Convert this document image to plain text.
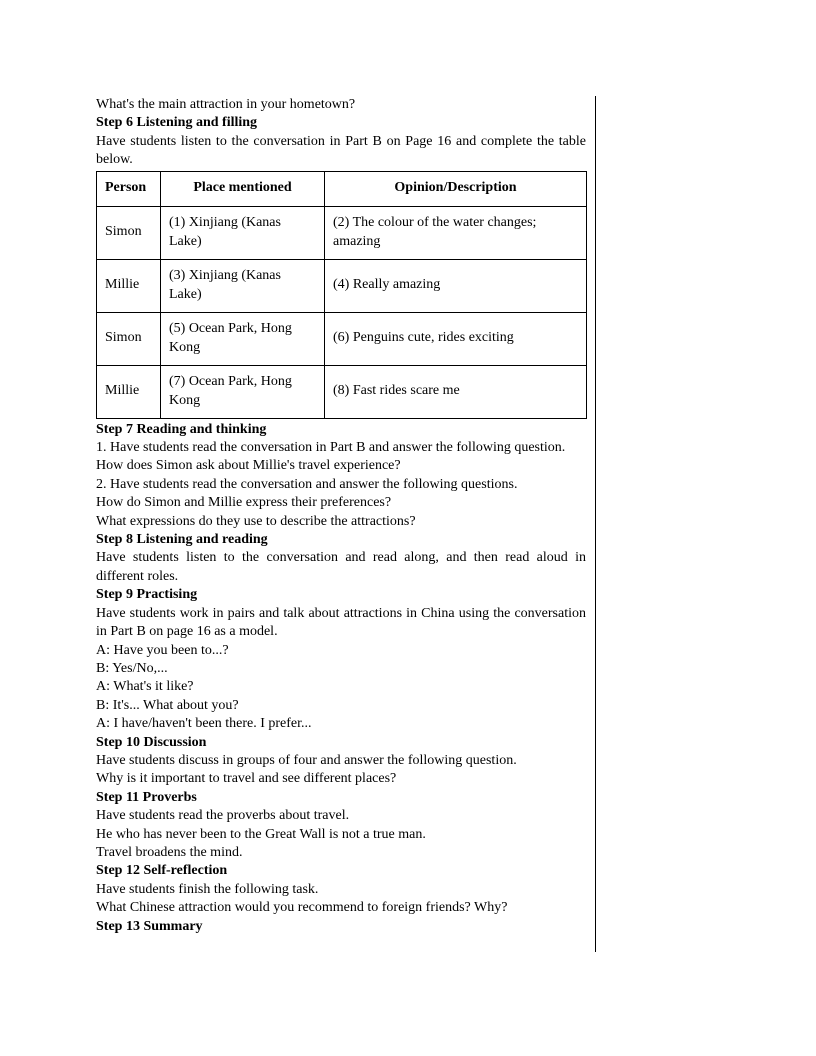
What's the main attraction in your hometown?
Step 6 Listening and filling
Have students listen to the conversation in Part B on Page 16 and complete the table below.
Person	Place mentioned	Opinion/Description
Simon	(1) Xinjiang (Kanas Lake)	(2) The colour of the water changes; amazing
Millie	(3) Xinjiang (Kanas Lake)	(4) Really amazing
Simon	(5) Ocean Park, Hong Kong	(6) Penguins cute, rides exciting
Millie	(7) Ocean Park, Hong Kong	(8) Fast rides scare me
Step 7 Reading and thinking
1. Have students read the conversation in Part B and answer the following question.
How does Simon ask about Millie's travel experience?
2. Have students read the conversation and answer the following questions.
How do Simon and Millie express their preferences?
What expressions do they use to describe the attractions?
Step 8 Listening and reading
Have students listen to the conversation and read along, and then read aloud in different roles.
Step 9 Practising
Have students work in pairs and talk about attractions in China using the conversation in Part B on page 16 as a model.
A: Have you been to...?
B: Yes/No,...
A: What's it like?
B: It's... What about you?
A: I have/haven't been there. I prefer...
Step 10 Discussion
Have students discuss in groups of four and answer the following question.
Why is it important to travel and see different places?
Step 11 Proverbs
Have students read the proverbs about travel.
He who has never been to the Great Wall is not a true man.
Travel broadens the mind.
Step 12 Self-reflection
Have students finish the following task.
What Chinese attraction would you recommend to foreign friends? Why?
Step 13 Summary
